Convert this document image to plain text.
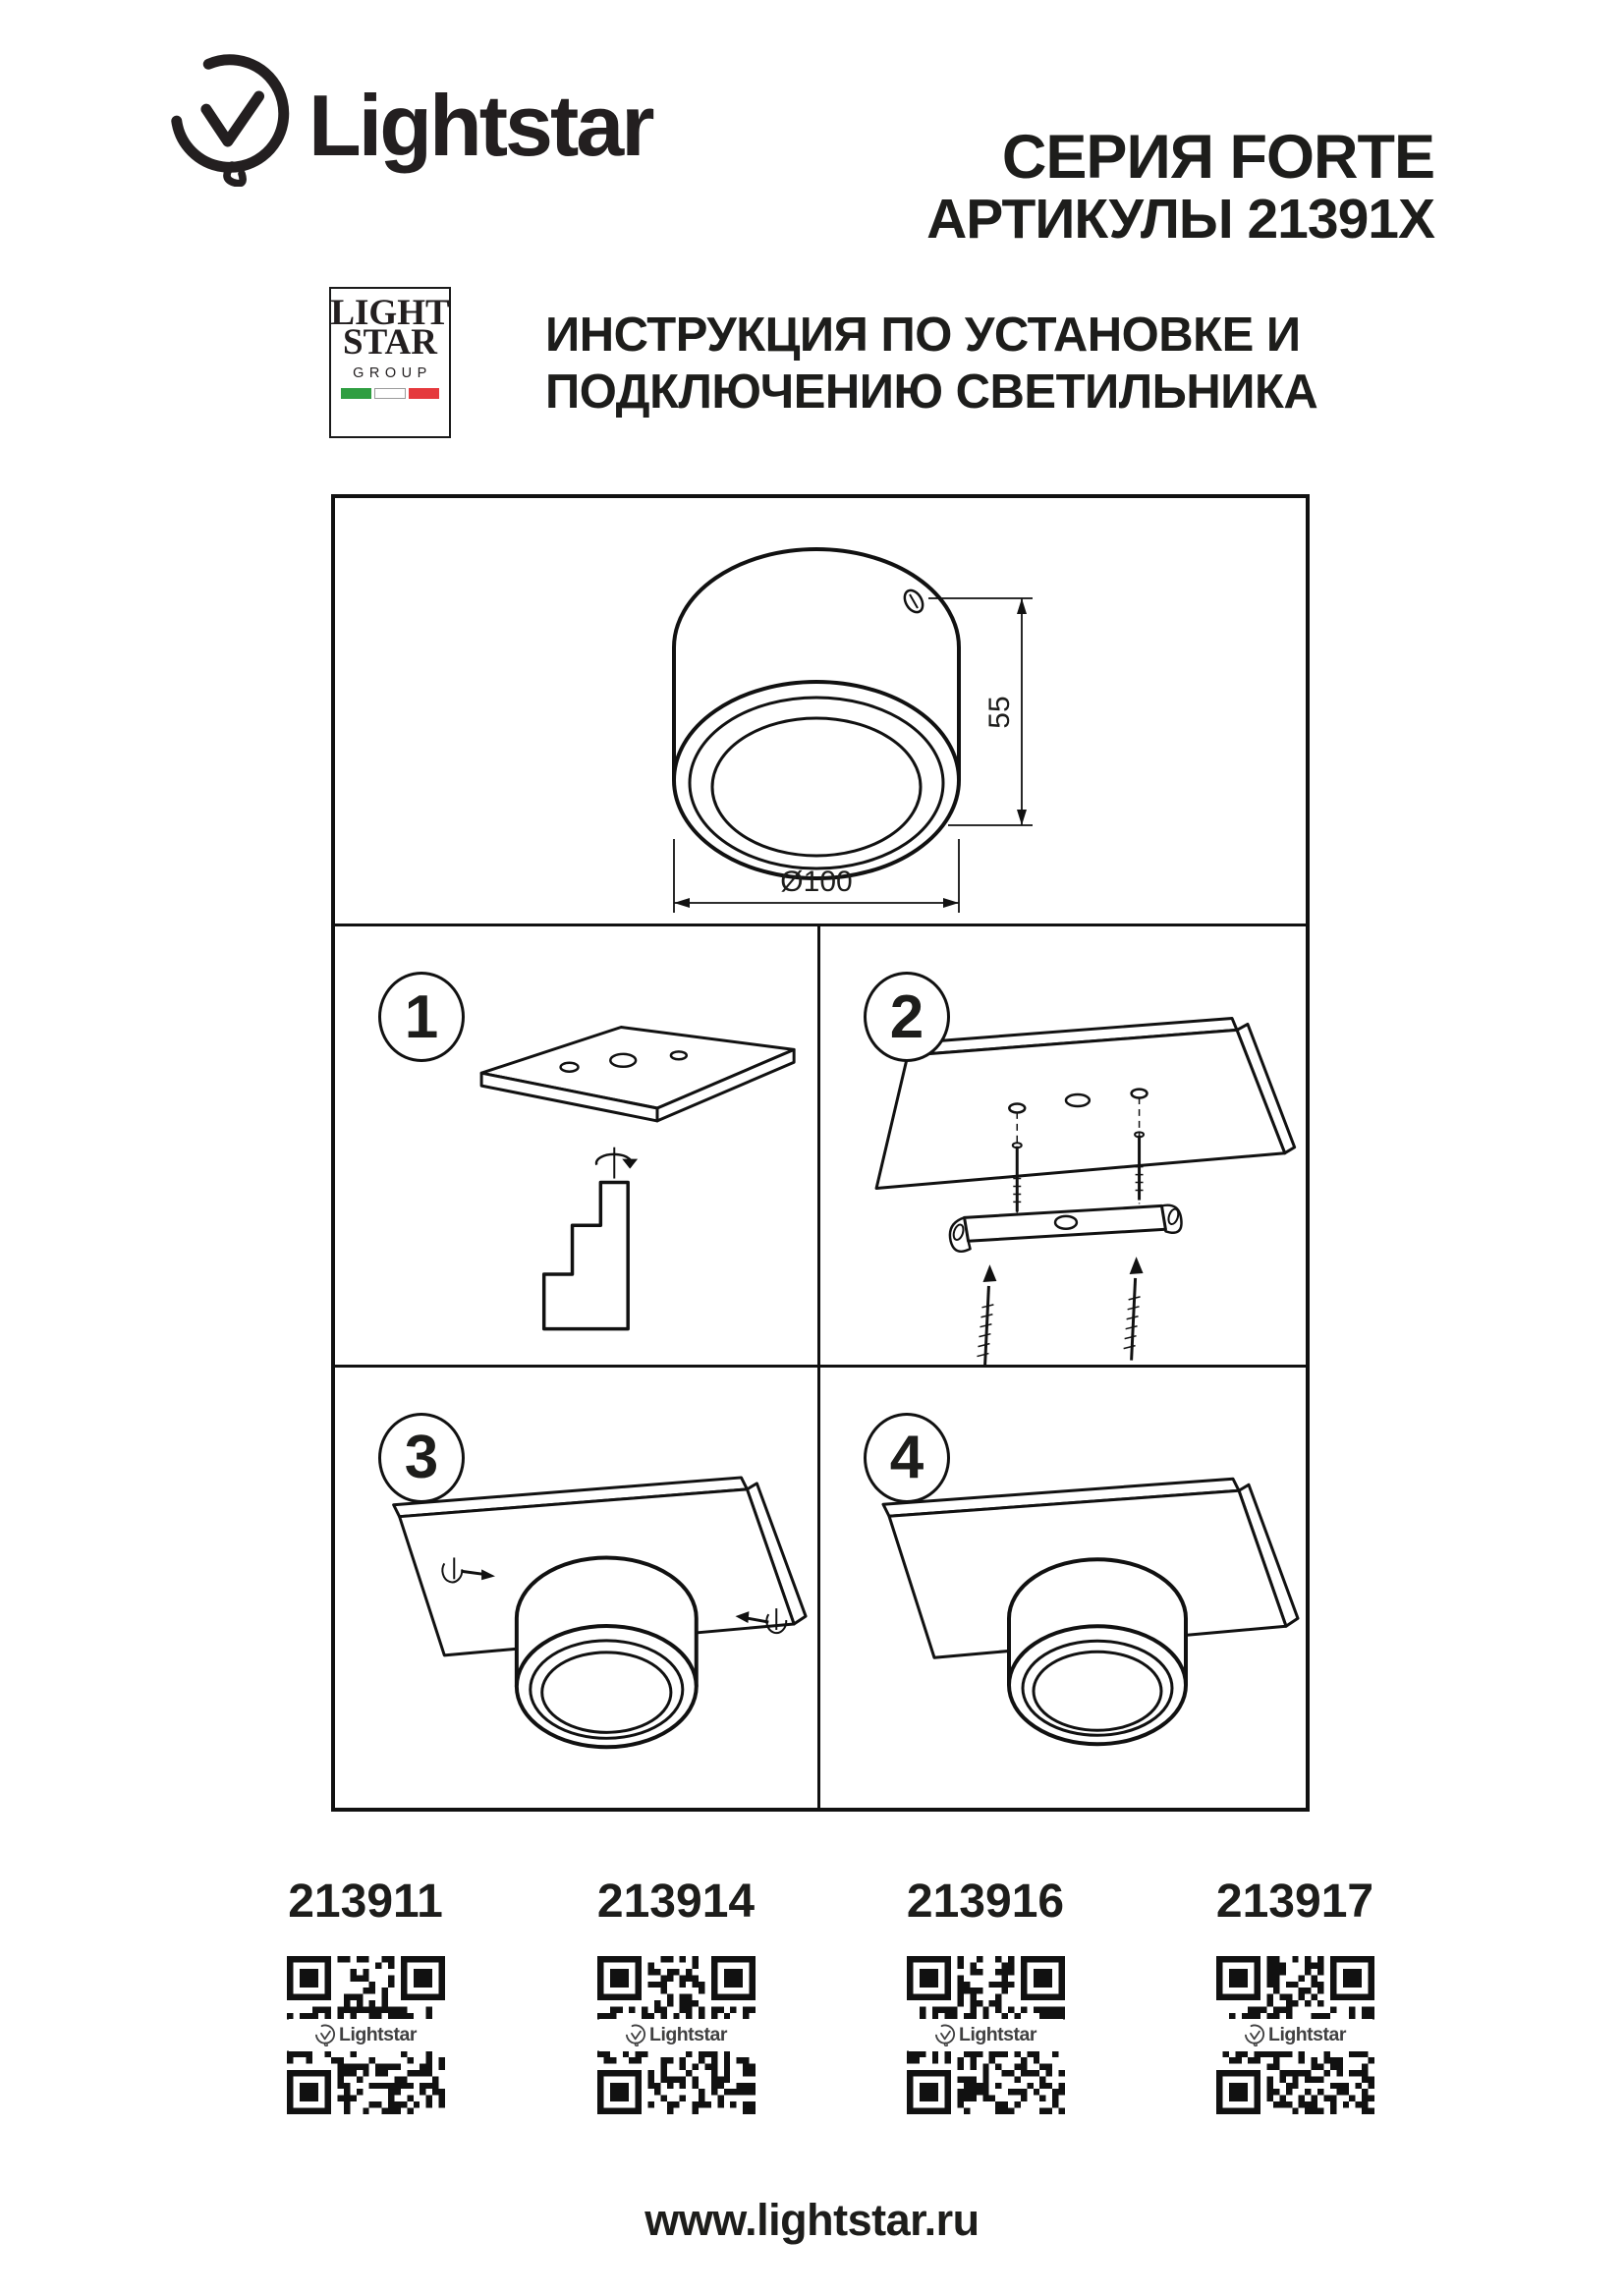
Lightstar	СЕРИЯ FORTE
АРТИКУЛЫ 21391X
LIGHT
STAR
GROUP
ИНСТРУКЦИЯ ПО УСТАНОВКЕ И
ПОДКЛЮЧЕНИЮ СВЕТИЛЬНИКА
55
Ø100
1	2
3	4
213911
Lightstar
213914
Lightstar
213916
Lightstar
213917
Lightstar
www.lightstar.ru
